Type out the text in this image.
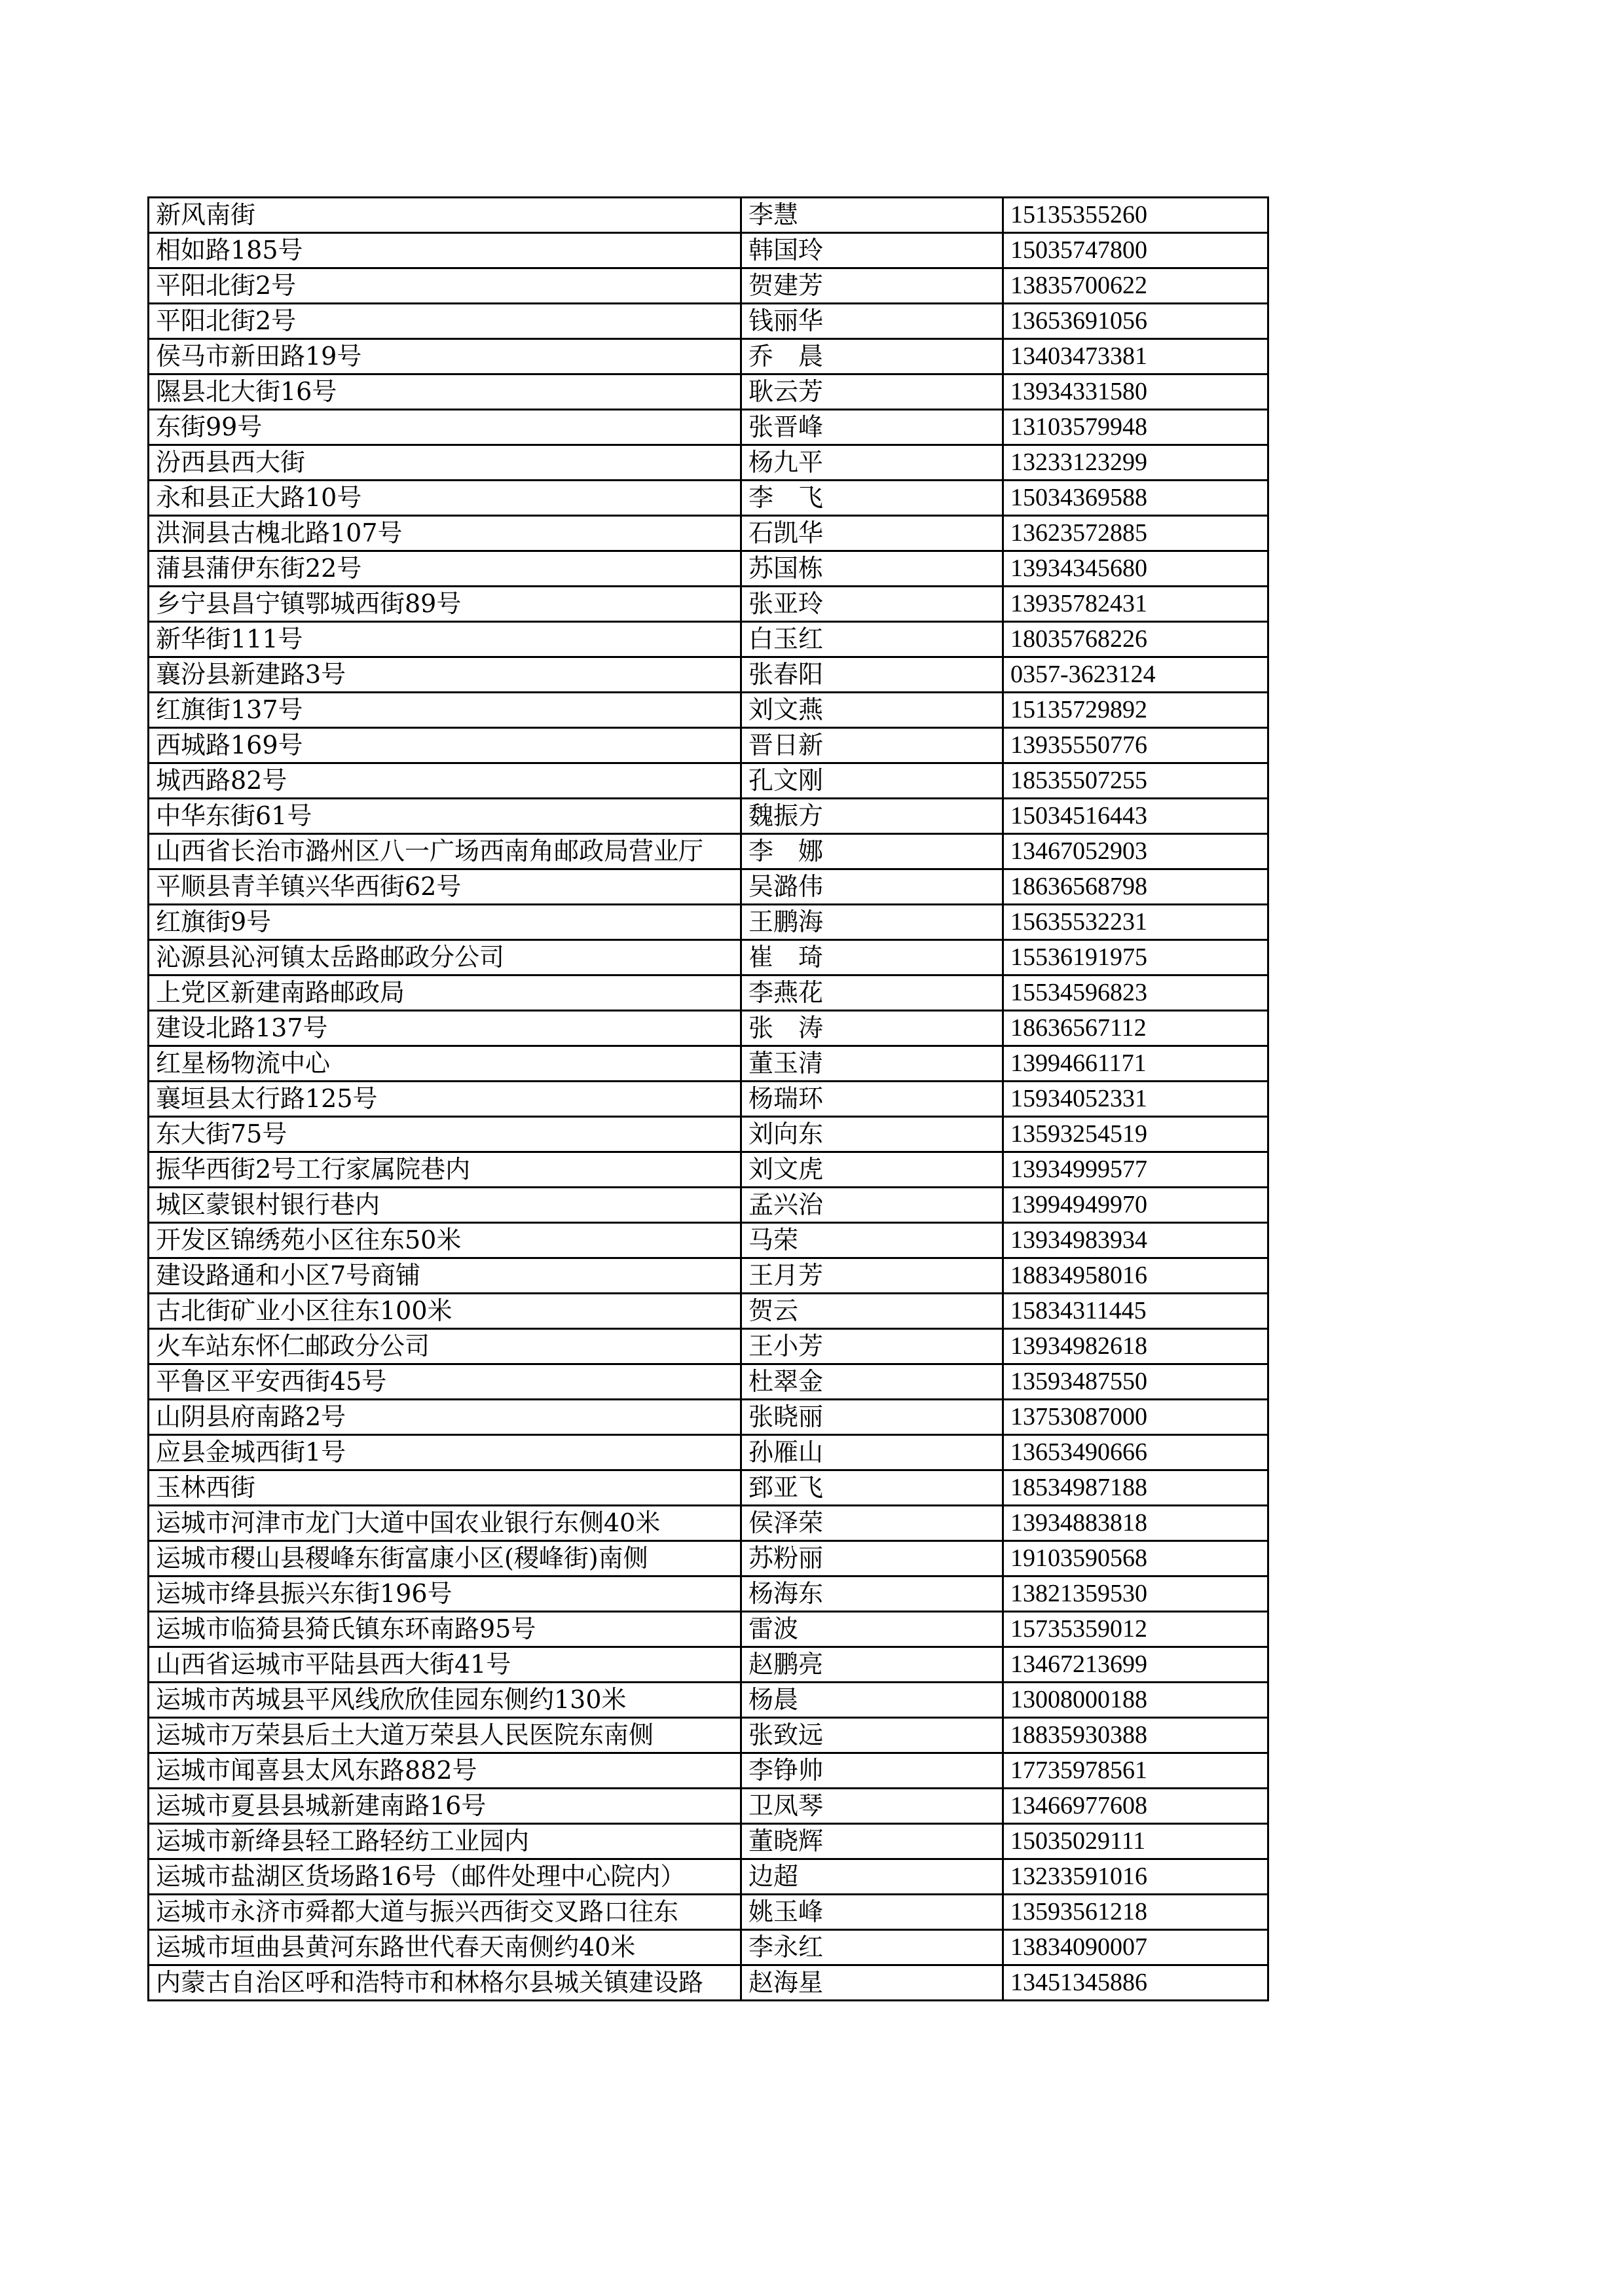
新风南街	李慧	15135355260
相如路185号	韩国玲	15035747800
平阳北街2号	贺建芳	13835700622
平阳北街2号	钱丽华	13653691056
侯马市新田路19号	乔　晨	13403473381
隰县北大街16号	耿云芳	13934331580
东街99号	张晋峰	13103579948
汾西县西大街	杨九平	13233123299
永和县正大路10号	李　飞	15034369588
洪洞县古槐北路107号	石凯华	13623572885
蒲县蒲伊东街22号	苏国栋	13934345680
乡宁县昌宁镇鄂城西街89号	张亚玲	13935782431
新华街111号	白玉红	18035768226
襄汾县新建路3号	张春阳	0357-3623124
红旗街137号	刘文燕	15135729892
西城路169号	晋日新	13935550776
城西路82号	孔文刚	18535507255
中华东街61号	魏振方	15034516443
山西省长治市潞州区八一广场西南角邮政局营业厅	李　娜	13467052903
平顺县青羊镇兴华西街62号	吴潞伟	18636568798
红旗街9号	王鹏海	15635532231
沁源县沁河镇太岳路邮政分公司	崔　琦	15536191975
上党区新建南路邮政局	李燕花	15534596823
建设北路137号	张　涛	18636567112
红星杨物流中心	董玉清	13994661171
襄垣县太行路125号	杨瑞环	15934052331
东大街75号	刘向东	13593254519
振华西街2号工行家属院巷内	刘文虎	13934999577
城区蒙银村银行巷内	孟兴治	13994949970
开发区锦绣苑小区往东50米	马荣	13934983934
建设路通和小区7号商铺	王月芳	18834958016
古北街矿业小区往东100米	贺云	15834311445
火车站东怀仁邮政分公司	王小芳	13934982618
平鲁区平安西街45号	杜翠金	13593487550
山阴县府南路2号	张晓丽	13753087000
应县金城西街1号	孙雁山	13653490666
玉林西街	郅亚飞	18534987188
运城市河津市龙门大道中国农业银行东侧40米	侯泽荣	13934883818
运城市稷山县稷峰东街富康小区(稷峰街)南侧	苏粉丽	19103590568
运城市绛县振兴东街196号	杨海东	13821359530
运城市临猗县猗氏镇东环南路95号	雷波	15735359012
山西省运城市平陆县西大街41号	赵鹏亮	13467213699
运城市芮城县平风线欣欣佳园东侧约130米	杨晨	13008000188
运城市万荣县后土大道万荣县人民医院东南侧	张致远	18835930388
运城市闻喜县太风东路882号	李铮帅	17735978561
运城市夏县县城新建南路16号	卫凤琴	13466977608
运城市新绛县轻工路轻纺工业园内	董晓辉	15035029111
运城市盐湖区货场路16号（邮件处理中心院内）	边超	13233591016
运城市永济市舜都大道与振兴西街交叉路口往东	姚玉峰	13593561218
运城市垣曲县黄河东路世代春天南侧约40米	李永红	13834090007
内蒙古自治区呼和浩特市和林格尔县城关镇建设路	赵海星	13451345886
